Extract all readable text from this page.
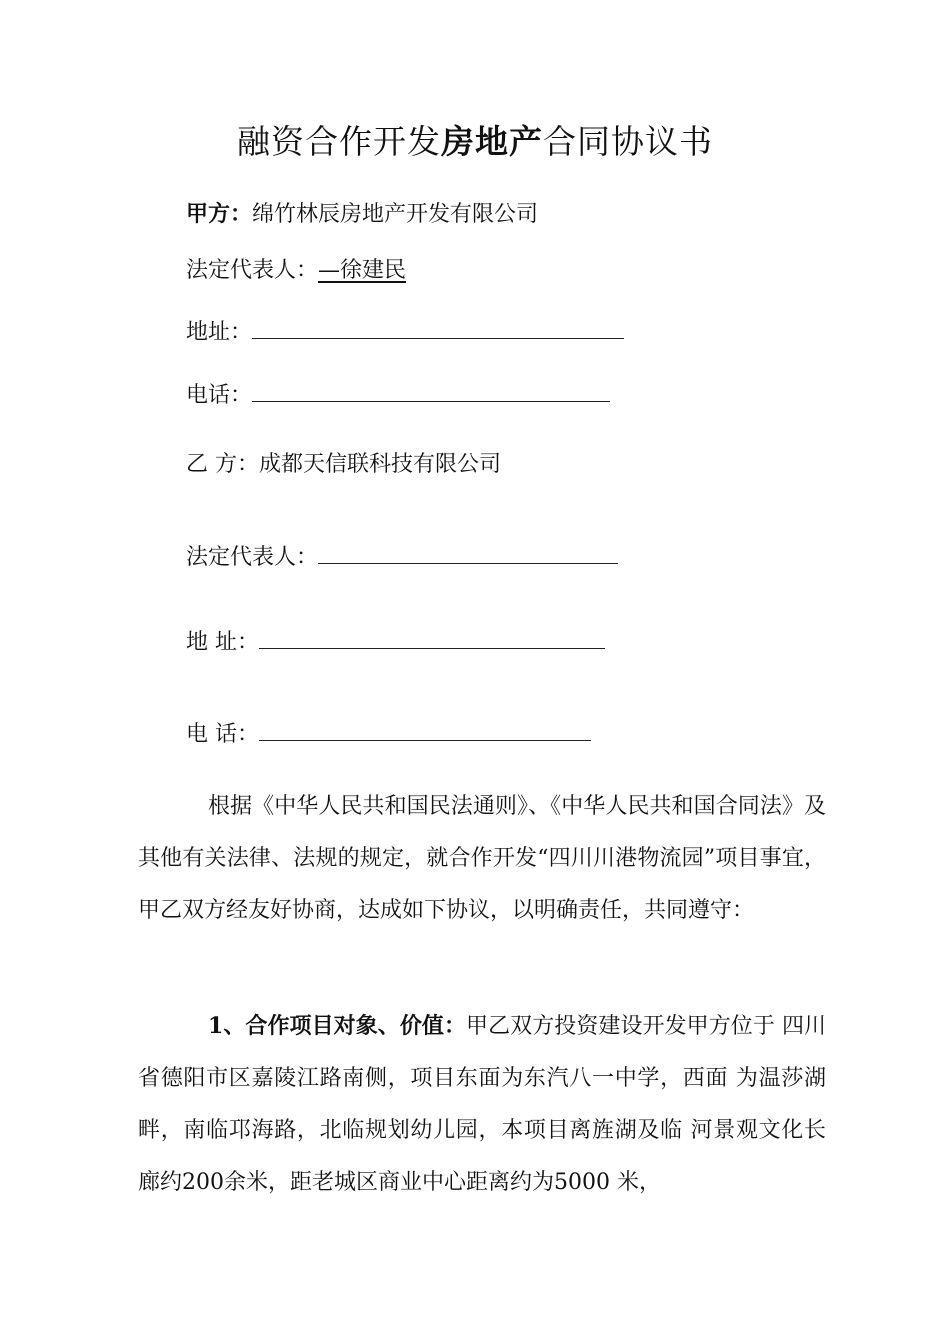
融资合作开发房地产合同协议书
甲方：绵竹林辰房地产开发有限公司
法定代表人：—徐建民
地址：
电话：
乙 方：成都天信联科技有限公司
法定代表人：
地 址：
电 话：
根据《中华人民共和国民法通则》、《中华人民共和国合同法》及其他有关法律、法规的规定，就合作开发“四川川港物流园”项目事宜，甲乙双方经友好协商，达成如下协议，以明确责任，共同遵守：
1、合作项目对象、价值：甲乙双方投资建设开发甲方位于 四川省德阳市区嘉陵江路南侧，项目东面为东汽八一中学，西面 为温莎湖畔，南临邛海路，北临规划幼儿园，本项目离旌湖及临 河景观文化长廊约200余米，距老城区商业中心距离约为5000 米，
